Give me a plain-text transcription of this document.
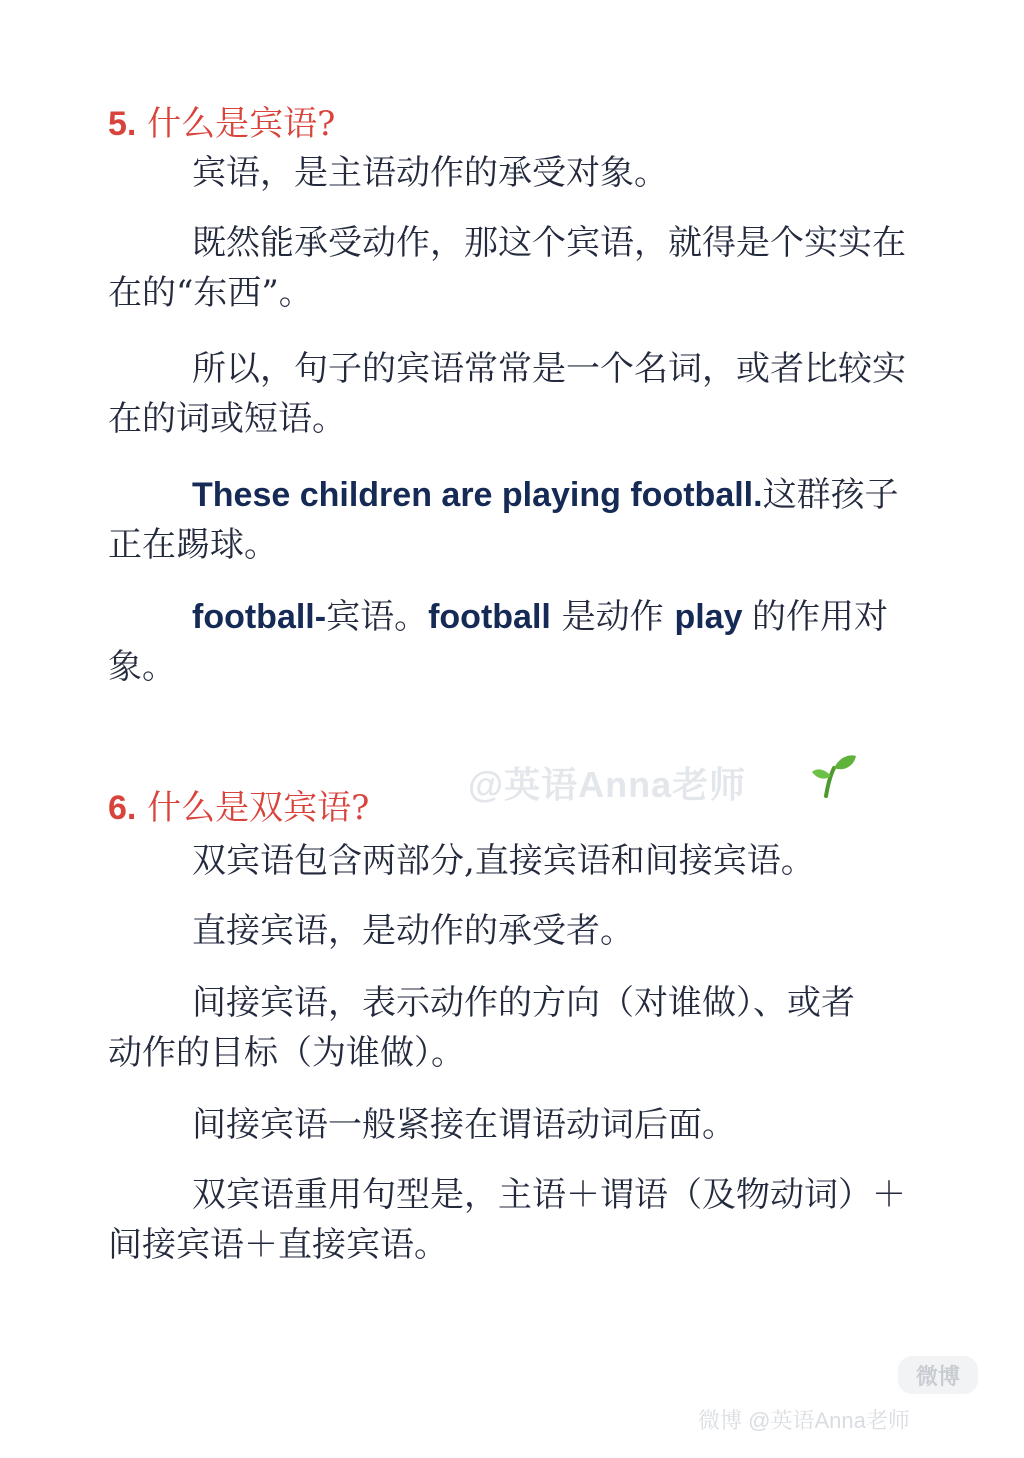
5. 什么是宾语?

宾语，是主语动作的承受对象。

既然能承受动作，那这个宾语，就得是个实实在在的“东西”。

所以，句子的宾语常常是一个名词，或者比较实在的词或短语。

These children are playing football.这群孩子正在踢球。

football-宾语。football 是动作 play 的作用对象。

@英语Anna老师
6. 什么是双宾语?

双宾语包含两部分,直接宾语和间接宾语。

直接宾语，是动作的承受者。

间接宾语，表示动作的方向（对谁做）、或者动作的目标（为谁做）。

间接宾语一般紧接在谓语动词后面。

双宾语重用句型是，主语＋谓语（及物动词）＋间接宾语＋直接宾语。

微博
微博 @英语Anna老师
